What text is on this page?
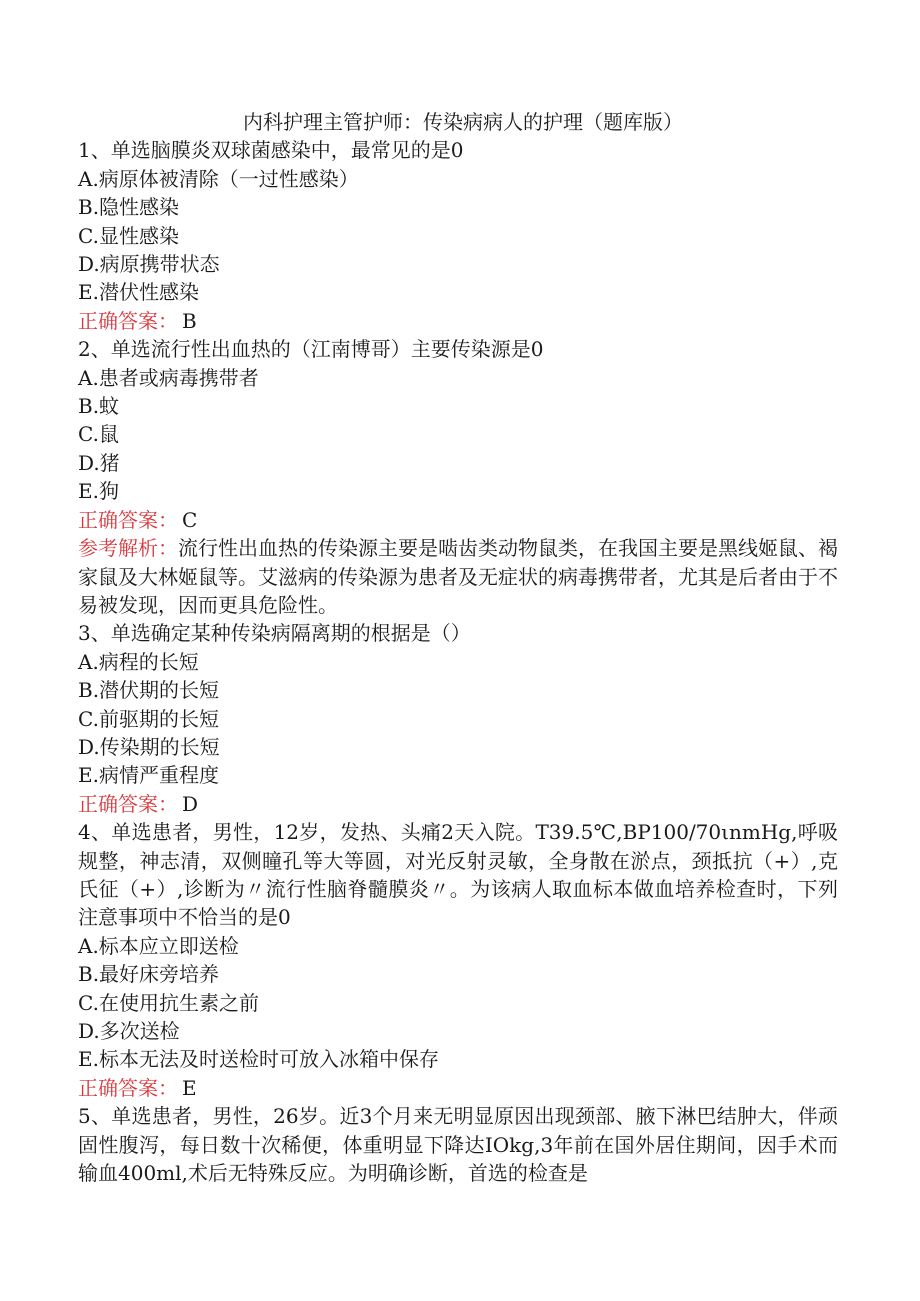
内科护理主管护师：传染病病人的护理（题库版）

1、单选脑膜炎双球菌感染中，最常见的是0

A.病原体被清除（一过性感染）

B.隐性感染

C.显性感染

D.病原携带状态

E.潜伏性感染

正确答案： B

2、单选流行性出血热的（江南博哥）主要传染源是0

A.患者或病毒携带者

B.蚊

C.鼠

D.猪

E.狗

正确答案： C

参考解析：流行性出血热的传染源主要是啮齿类动物鼠类，在我国主要是黑线姬鼠、褐家鼠及大林姬鼠等。艾滋病的传染源为患者及无症状的病毒携带者，尤其是后者由于不易被发现，因而更具危险性。

3、单选确定某种传染病隔离期的根据是（）

A.病程的长短

B.潜伏期的长短

C.前驱期的长短

D.传染期的长短

E.病情严重程度

正确答案： D

4、单选患者，男性，12岁，发热、头痛2天入院。T39.5℃,BP100/70ιnmHg,呼吸规整，神志清，双侧瞳孔等大等圆，对光反射灵敏，全身散在淤点，颈抵抗（+）,克氏征（+）,诊断为〃流行性脑脊髓膜炎〃。为该病人取血标本做血培养检查时，下列注意事项中不恰当的是0

A.标本应立即送检

B.最好床旁培养

C.在使用抗生素之前

D.多次送检

E.标本无法及时送检时可放入冰箱中保存

正确答案： E

5、单选患者，男性，26岁。近3个月来无明显原因出现颈部、腋下淋巴结肿大，伴顽固性腹泻，每日数十次稀便，体重明显下降达IOkg,3年前在国外居住期间，因手术而输血400ml,术后无特殊反应。为明确诊断，首选的检查是
